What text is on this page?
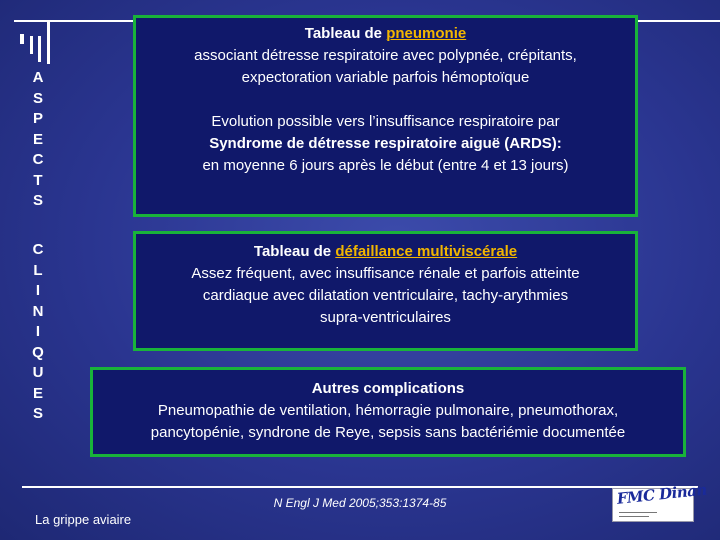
A
S
P
E
C
T
S
C
L
I
N
I
Q
U
E
S
Tableau de pneumonie
associant détresse respiratoire avec polypnée, crépitants,
expectoration variable parfois hémoptoïque
Evolution possible vers l’insuffisance respiratoire par
Syndrome de détresse respiratoire aiguë (ARDS):
en moyenne 6 jours après le début (entre 4 et 13 jours)
Tableau de défaillance multiviscérale
Assez fréquent, avec insuffisance rénale et parfois atteinte
cardiaque avec dilatation ventriculaire, tachy-arythmies
supra-ventriculaires
Autres complications
Pneumopathie de ventilation, hémorragie pulmonaire, pneumothorax,
pancytopénie, syndrone de Reye, sepsis sans bactériémie documentée
N Engl J Med 2005;353:1374-85
La grippe aviaire
FMC Dinan
